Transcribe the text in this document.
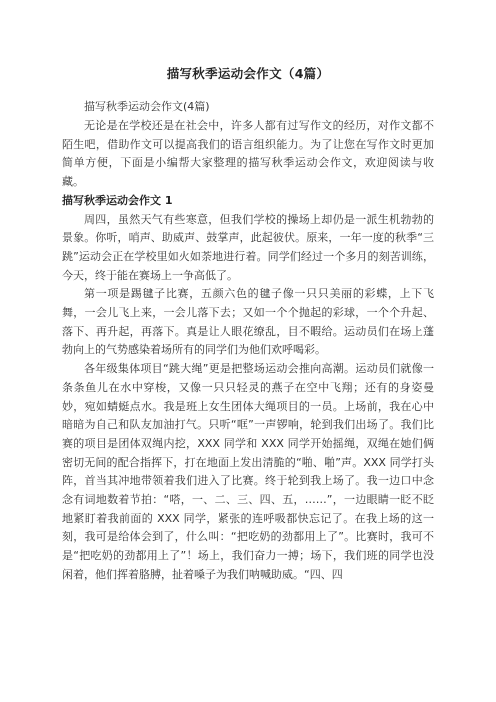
描写秋季运动会作文（4篇）
描写秋季运动会作文(4篇)

无论是在学校还是在社会中，许多人都有过写作文的经历，对作文都不陌生吧，借助作文可以提高我们的语言组织能力。为了让您在写作文时更加简单方便，下面是小编帮大家整理的描写秋季运动会作文，欢迎阅读与收藏。

描写秋季运动会作文 1

周四，虽然天气有些寒意，但我们学校的操场上却仍是一派生机勃勃的景象。你听，哨声、助威声、鼓掌声，此起彼伏。原来，一年一度的秋季“三跳”运动会正在学校里如火如荼地进行着。同学们经过一个多月的刻苦训练，今天，终于能在赛场上一争高低了。

第一项是踢毽子比赛，五颜六色的毽子像一只只美丽的彩蝶，上下飞舞，一会儿飞上来，一会儿落下去；又如一个个抛起的彩球，一个个升起、落下、再升起，再落下。真是让人眼花缭乱，目不暇给。运动员们在场上蓬勃向上的气势感染着场所有的同学们为他们欢呼喝彩。

各年级集体项目“跳大绳”更是把整场运动会推向高潮。运动员们就像一条条鱼儿在水中穿梭，又像一只只轻灵的燕子在空中飞翔；还有的身姿曼妙，宛如蜻蜓点水。我是班上女生团体大绳项目的一员。上场前，我在心中暗暗为自己和队友加油打气。只听“哐”一声锣响，轮到我们出场了。我们比赛的项目是团体双绳内挖，XXX 同学和 XXX 同学开始摇绳，双绳在她们俩密切无间的配合指挥下，打在地面上发出清脆的“啪、啪”声。XXX 同学打头阵，首当其冲地带领着我们进入了比赛。终于轮到我上场了。我一边口中念念有词地数着节拍：“嗒，一、二、三、四、五，……”，一边眼睛一眨不眨地紧盯着我前面的 XXX 同学，紧张的连呼吸都快忘记了。在我上场的这一刻，我可是给体会到了，什么叫：“把吃奶的劲都用上了”。比赛时，我可不是“把吃奶的劲都用上了”！场上，我们奋力一搏；场下，我们班的同学也没闲着，他们挥着胳膊，扯着嗓子为我们呐喊助威。“四、四
